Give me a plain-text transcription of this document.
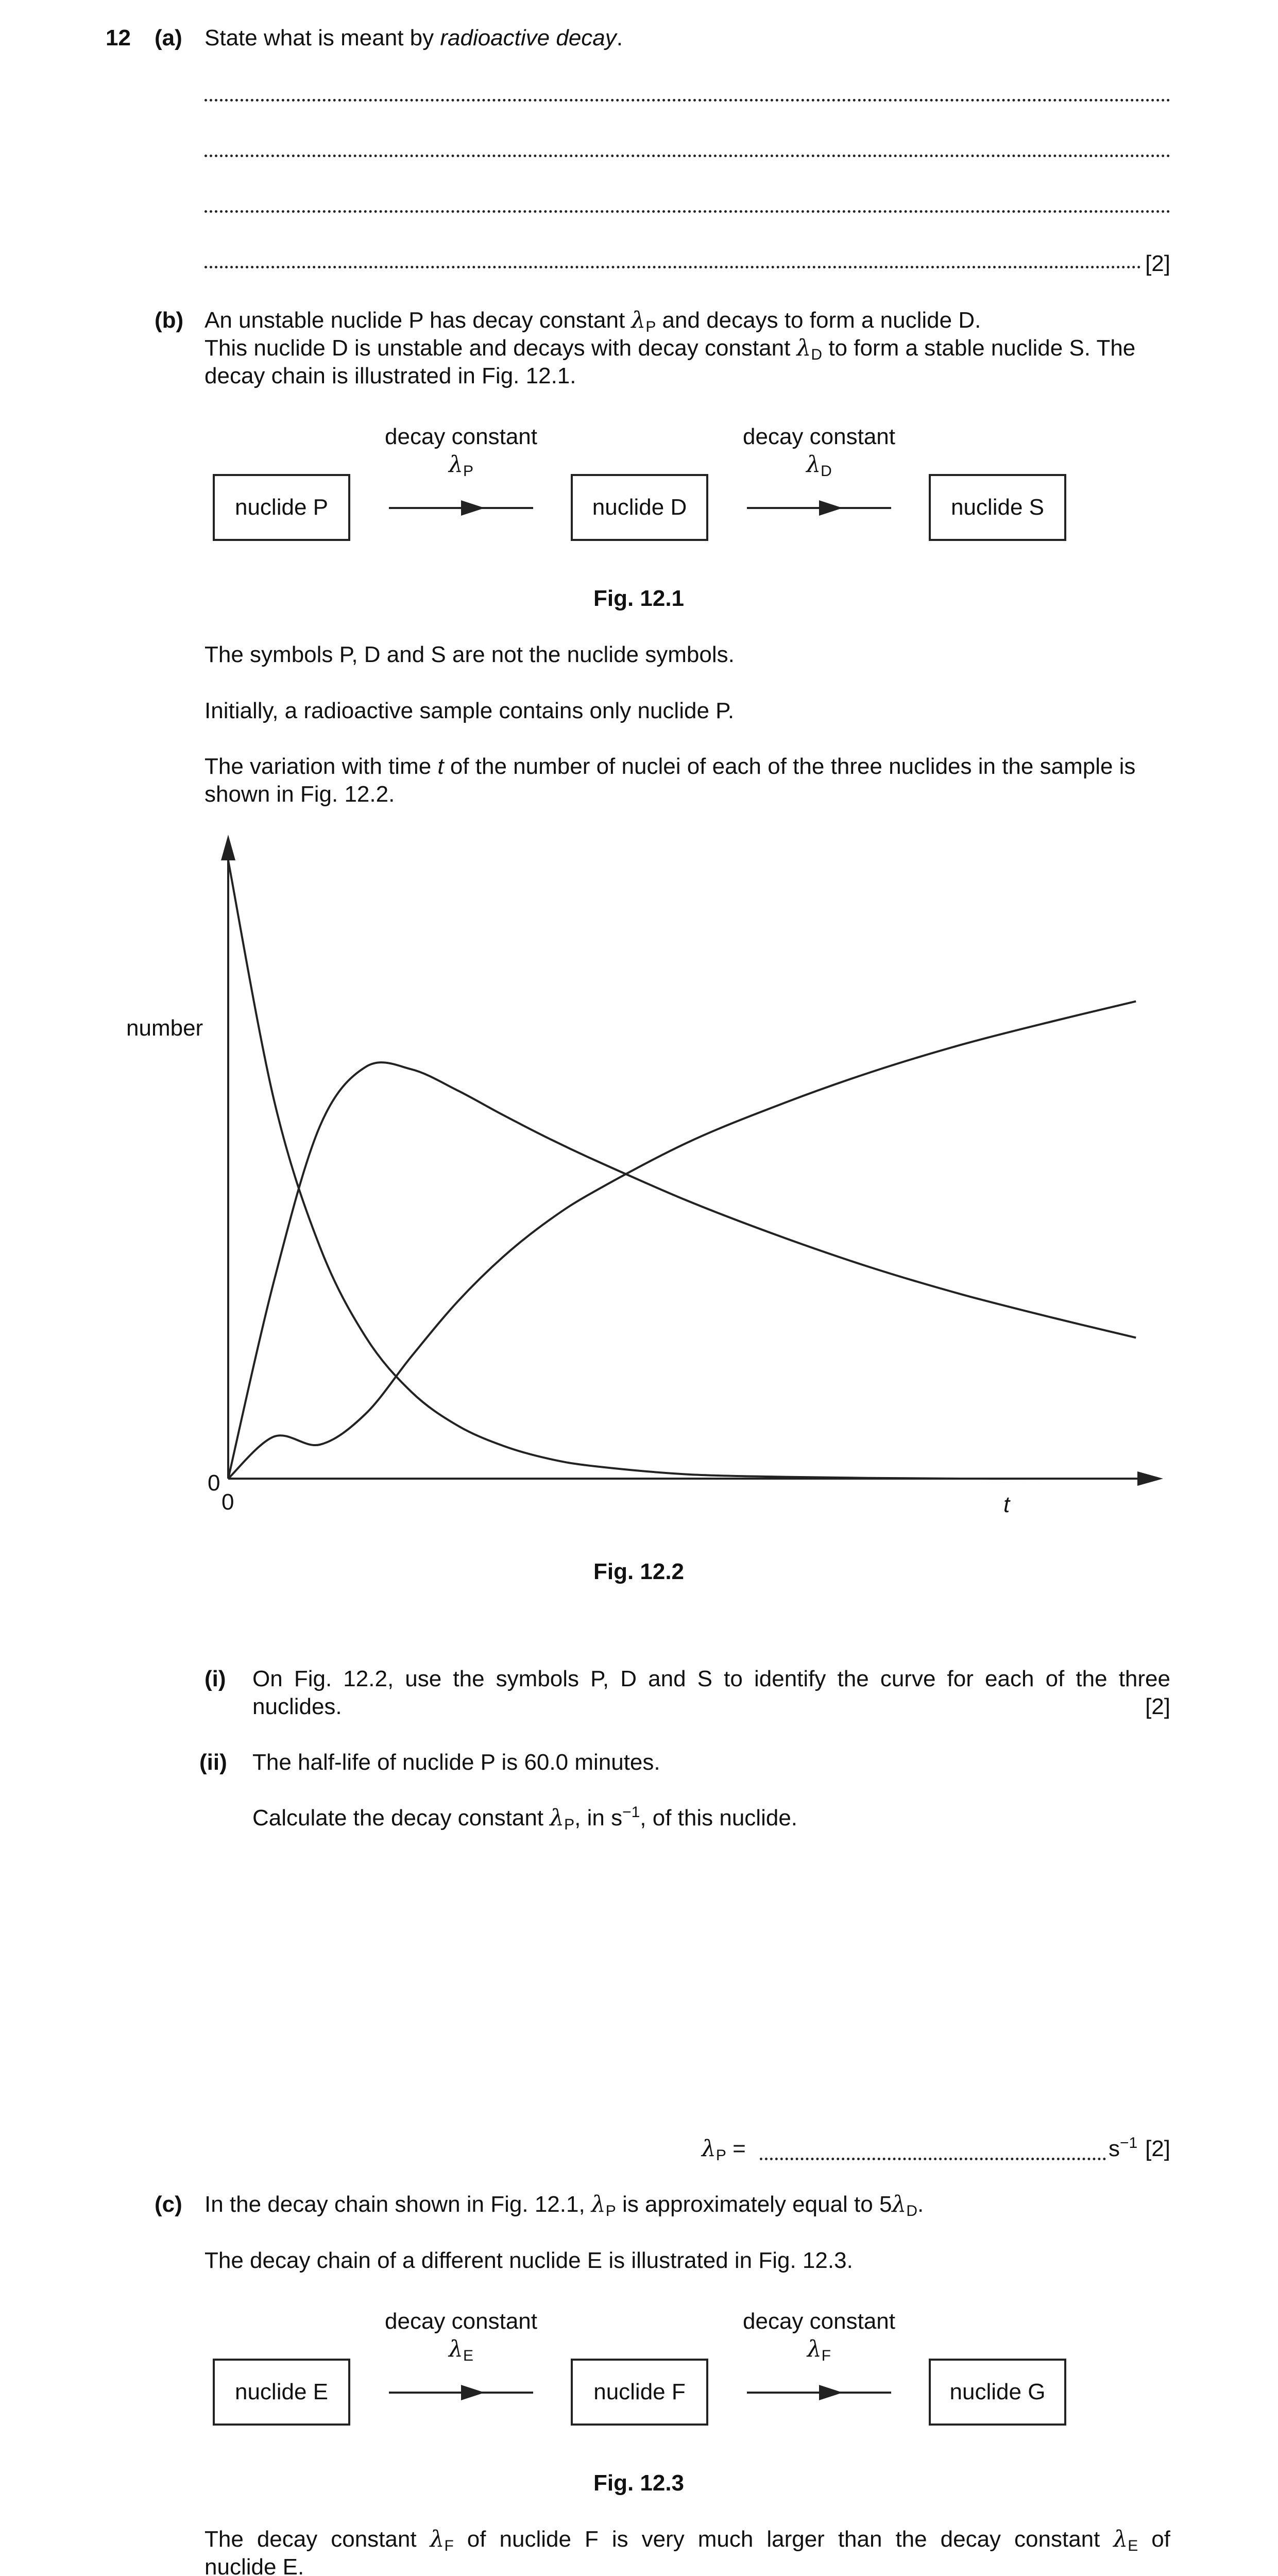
12 (a) State what is meant by radioactive decay.
[2]
(b) An unstable nuclide P has decay constant $\lambda_P$ and decays to form a nuclide D.
This nuclide D is unstable and decays with decay constant $\lambda_D$ to form a stable nuclide S. The
decay chain is illustrated in Fig. 12.1.
decay constant
$\lambda_P$
decay constant
$\lambda_D$
nuclide P	nuclide D	nuclide S
Fig. 12.1
The symbols P, D and S are not the nuclide symbols.
Initially, a radioactive sample contains only nuclide P.
The variation with time t of the number of nuclei of each of the three nuclides in the sample is
shown in Fig. 12.2.
number
0
0	t
Fig. 12.2
(i) On Fig. 12.2, use the symbols P, D and S to identify the curve for each of the three
nuclides.	[2]
(ii) The half-life of nuclide P is 60.0 minutes.
Calculate the decay constant $\lambda_P$, in $s^{-1}$, of this nuclide.
$\lambda_P$ =	$s^{-1}$ [2]
(c) In the decay chain shown in Fig. 12.1, $\lambda_P$ is approximately equal to $5\lambda_D$.
The decay chain of a different nuclide E is illustrated in Fig. 12.3.
decay constant
$\lambda_E$
decay constant
$\lambda_F$
nuclide E	nuclide F	nuclide G
Fig. 12.3
The decay constant $\lambda_F$ of nuclide F is very much larger than the decay constant $\lambda_E$ of
nuclide E.
